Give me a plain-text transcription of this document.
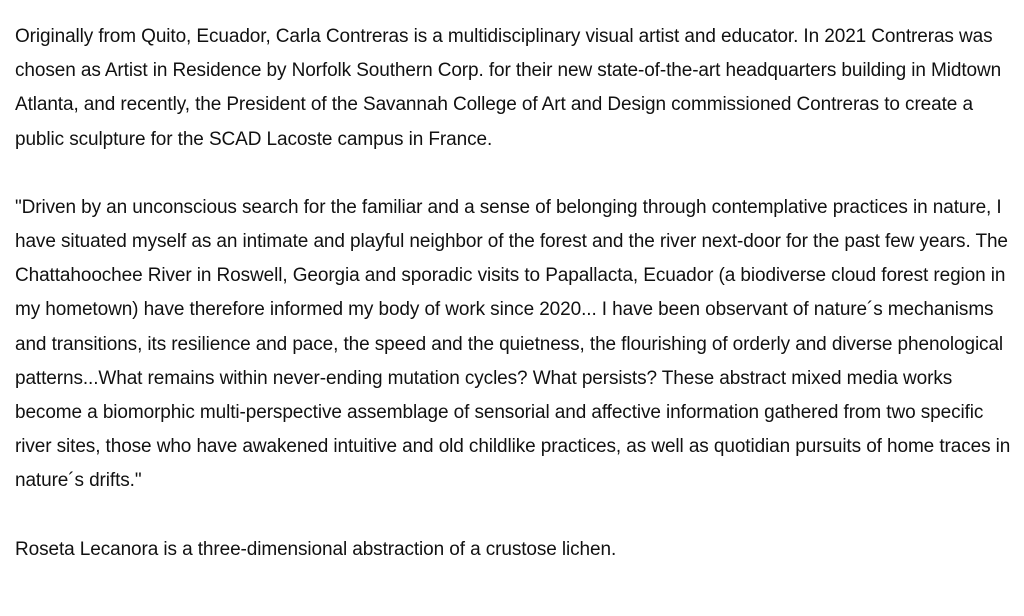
Originally from Quito, Ecuador, Carla Contreras is a multidisciplinary visual artist and educator. In 2021 Contreras was chosen as Artist in Residence by Norfolk Southern Corp. for their new state-of-the-art headquarters building in Midtown Atlanta, and recently, the President of the Savannah College of Art and Design commissioned Contreras to create a public sculpture for the SCAD Lacoste campus in France.

"Driven by an unconscious search for the familiar and a sense of belonging through contemplative practices in nature, I have situated myself as an intimate and playful neighbor of the forest and the river next-door for the past few years. The Chattahoochee River in Roswell, Georgia and sporadic visits to Papallacta, Ecuador (a biodiverse cloud forest region in my hometown) have therefore informed my body of work since 2020... I have been observant of nature´s mechanisms and transitions, its resilience and pace, the speed and the quietness, the flourishing of orderly and diverse phenological patterns...What remains within never-ending mutation cycles? What persists? These abstract mixed media works become a biomorphic multi-perspective assemblage of sensorial and affective information gathered from two specific river sites, those who have awakened intuitive and old childlike practices, as well as quotidian pursuits of home traces in nature´s drifts."

Roseta Lecanora is a three-dimensional abstraction of a crustose lichen.
